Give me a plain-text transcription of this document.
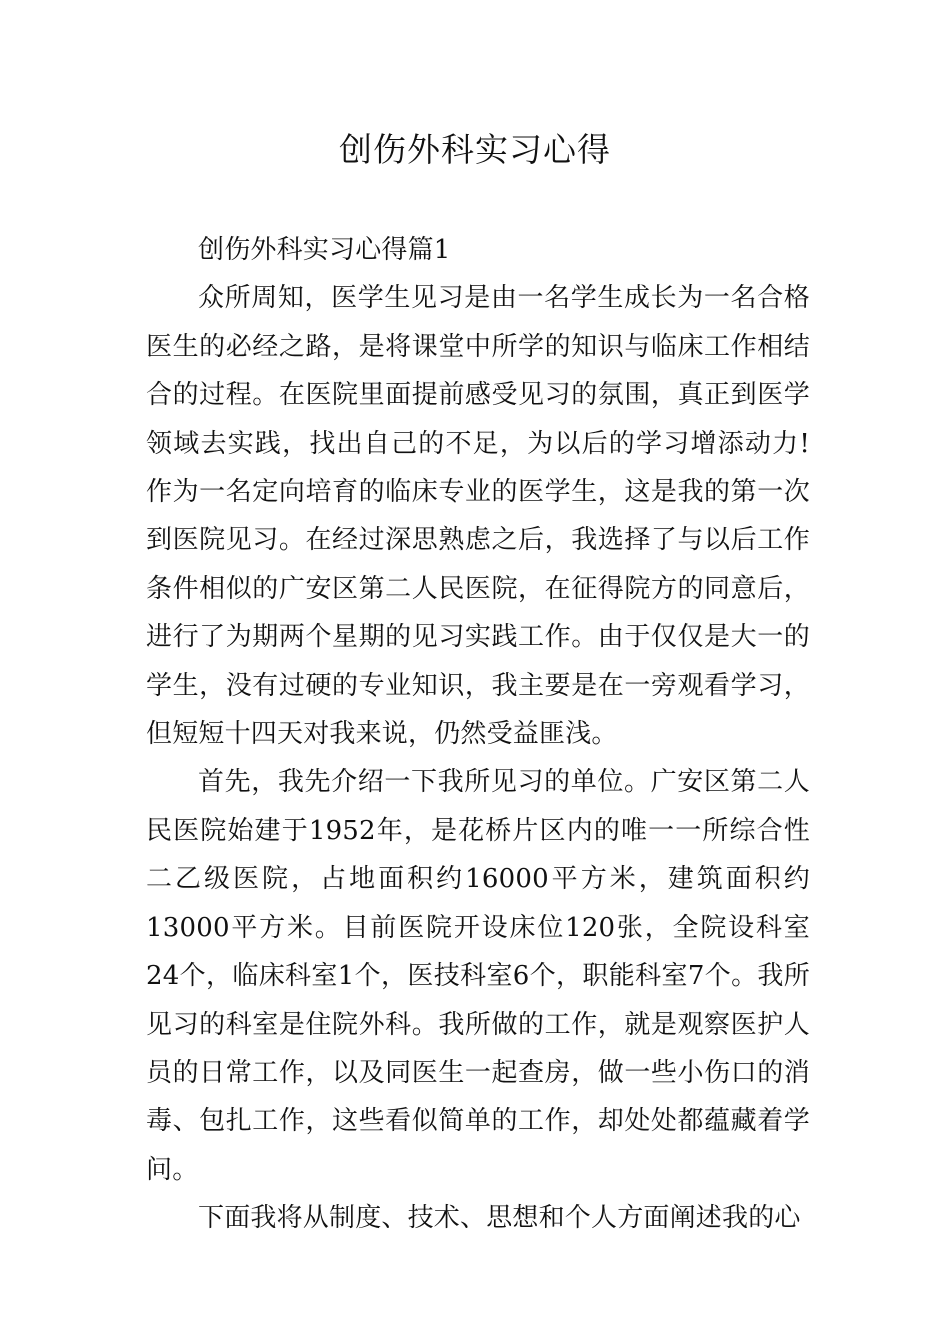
创伤外科实习心得

创伤外科实习心得篇1

众所周知，医学生见习是由一名学生成长为一名合格医生的必经之路，是将课堂中所学的知识与临床工作相结合的过程。在医院里面提前感受见习的氛围，真正到医学领域去实践，找出自己的不足，为以后的学习增添动力!作为一名定向培育的临床专业的医学生，这是我的第一次到医院见习。在经过深思熟虑之后，我选择了与以后工作条件相似的广安区第二人民医院，在征得院方的同意后，进行了为期两个星期的见习实践工作。由于仅仅是大一的学生，没有过硬的专业知识，我主要是在一旁观看学习，但短短十四天对我来说，仍然受益匪浅。

首先，我先介绍一下我所见习的单位。广安区第二人民医院始建于1952年，是花桥片区内的唯一一所综合性二乙级医院，占地面积约16000平方米，建筑面积约13000平方米。目前医院开设床位120张，全院设科室24个，临床科室1个，医技科室6个，职能科室7个。我所见习的科室是住院外科。我所做的工作，就是观察医护人员的日常工作，以及同医生一起查房，做一些小伤口的消毒、包扎工作，这些看似简单的工作，却处处都蕴藏着学问。

下面我将从制度、技术、思想和个人方面阐述我的心
